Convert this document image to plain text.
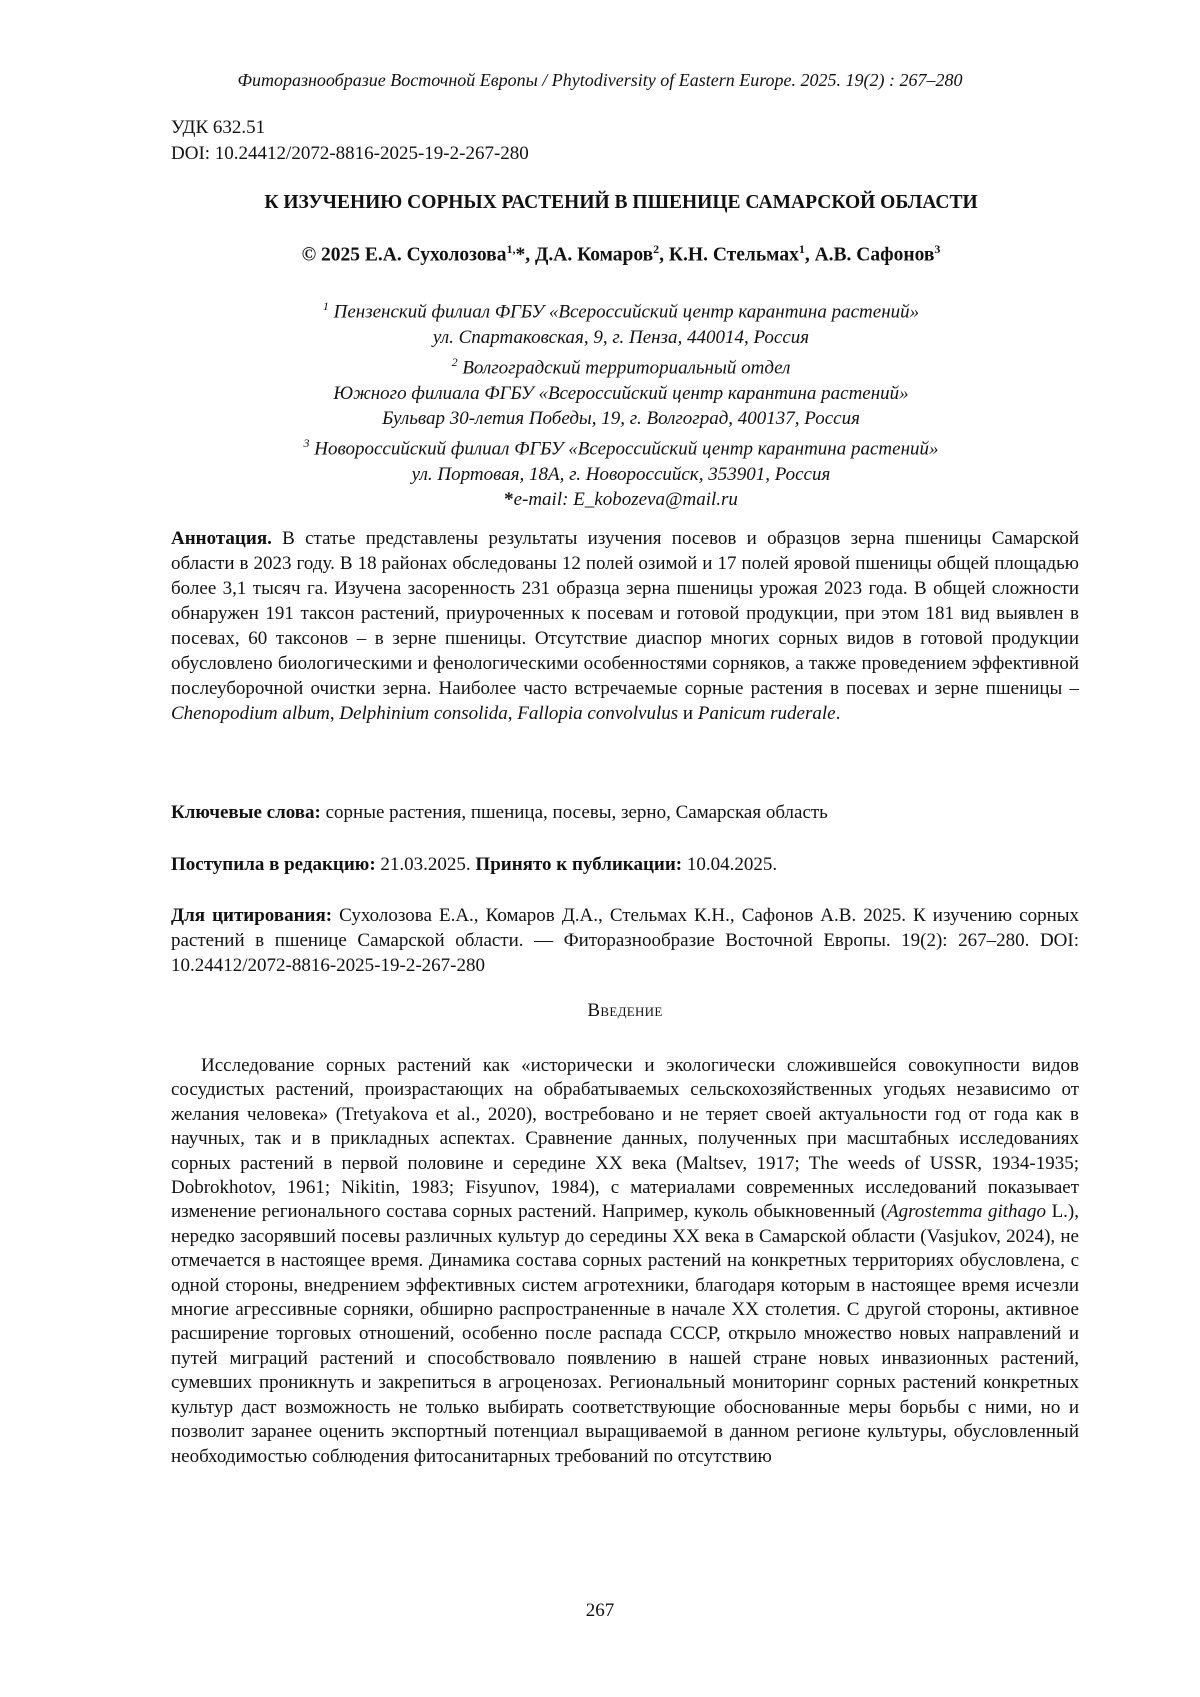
Фиторазнообразие Восточной Европы / Phytodiversity of Eastern Europe. 2025. 19(2) : 267–280
УДК 632.51
DOI: 10.24412/2072-8816-2025-19-2-267-280
К ИЗУЧЕНИЮ СОРНЫХ РАСТЕНИЙ В ПШЕНИЦЕ САМАРСКОЙ ОБЛАСТИ
© 2025 Е.А. Сухолозова1,*, Д.А. Комаров2, К.Н. Стельмах1, А.В. Сафонов3
1 Пензенский филиал ФГБУ «Всероссийский центр карантина растений»
ул. Спартаковская, 9, г. Пенза, 440014, Россия
2 Волгоградский территориальный отдел
Южного филиала ФГБУ «Всероссийский центр карантина растений»
Бульвар 30-летия Победы, 19, г. Волгоград, 400137, Россия
3 Новороссийский филиал ФГБУ «Всероссийский центр карантина растений»
ул. Портовая, 18А, г. Новороссийск, 353901, Россия
*e-mail: E_kobozeva@mail.ru
Аннотация. В статье представлены результаты изучения посевов и образцов зерна пшеницы Самарской области в 2023 году. В 18 районах обследованы 12 полей озимой и 17 полей яровой пшеницы общей площадью более 3,1 тысяч га. Изучена засоренность 231 образца зерна пшеницы урожая 2023 года. В общей сложности обнаружен 191 таксон растений, приуроченных к посевам и готовой продукции, при этом 181 вид выявлен в посевах, 60 таксонов – в зерне пшеницы. Отсутствие диаспор многих сорных видов в готовой продукции обусловлено биологическими и фенологическими особенностями сорняков, а также проведением эффективной послеуборочной очистки зерна. Наиболее часто встречаемые сорные растения в посевах и зерне пшеницы – Chenopodium album, Delphinium consolida, Fallopia convolvulus и Panicum ruderale.
Ключевые слова: сорные растения, пшеница, посевы, зерно, Самарская область
Поступила в редакцию: 21.03.2025. Принято к публикации: 10.04.2025.
Для цитирования: Сухолозова Е.А., Комаров Д.А., Стельмах К.Н., Сафонов А.В. 2025. К изучению сорных растений в пшенице Самарской области. — Фиторазнообразие Восточной Европы. 19(2): 267–280. DOI: 10.24412/2072-8816-2025-19-2-267-280
Введение
Исследование сорных растений как «исторически и экологически сложившейся совокупности видов сосудистых растений, произрастающих на обрабатываемых сельскохозяйственных угодьях независимо от желания человека» (Tretyakova et al., 2020), востребовано и не теряет своей актуальности год от года как в научных, так и в прикладных аспектах. Сравнение данных, полученных при масштабных исследованиях сорных растений в первой половине и середине XX века (Maltsev, 1917; The weeds of USSR, 1934-1935; Dobrokhotov, 1961; Nikitin, 1983; Fisyunov, 1984), с материалами современных исследований показывает изменение регионального состава сорных растений. Например, куколь обыкновенный (Agrostemma githago L.), нередко засорявший посевы различных культур до середины XX века в Самарской области (Vasjukov, 2024), не отмечается в настоящее время. Динамика состава сорных растений на конкретных территориях обусловлена, с одной стороны, внедрением эффективных систем агротехники, благодаря которым в настоящее время исчезли многие агрессивные сорняки, обширно распространенные в начале XX столетия. С другой стороны, активное расширение торговых отношений, особенно после распада СССР, открыло множество новых направлений и путей миграций растений и способствовало появлению в нашей стране новых инвазионных растений, сумевших проникнуть и закрепиться в агроценозах. Региональный мониторинг сорных растений конкретных культур даст возможность не только выбирать соответствующие обоснованные меры борьбы с ними, но и позволит заранее оценить экспортный потенциал выращиваемой в данном регионе культуры, обусловленный необходимостью соблюдения фитосанитарных требований по отсутствию
267
